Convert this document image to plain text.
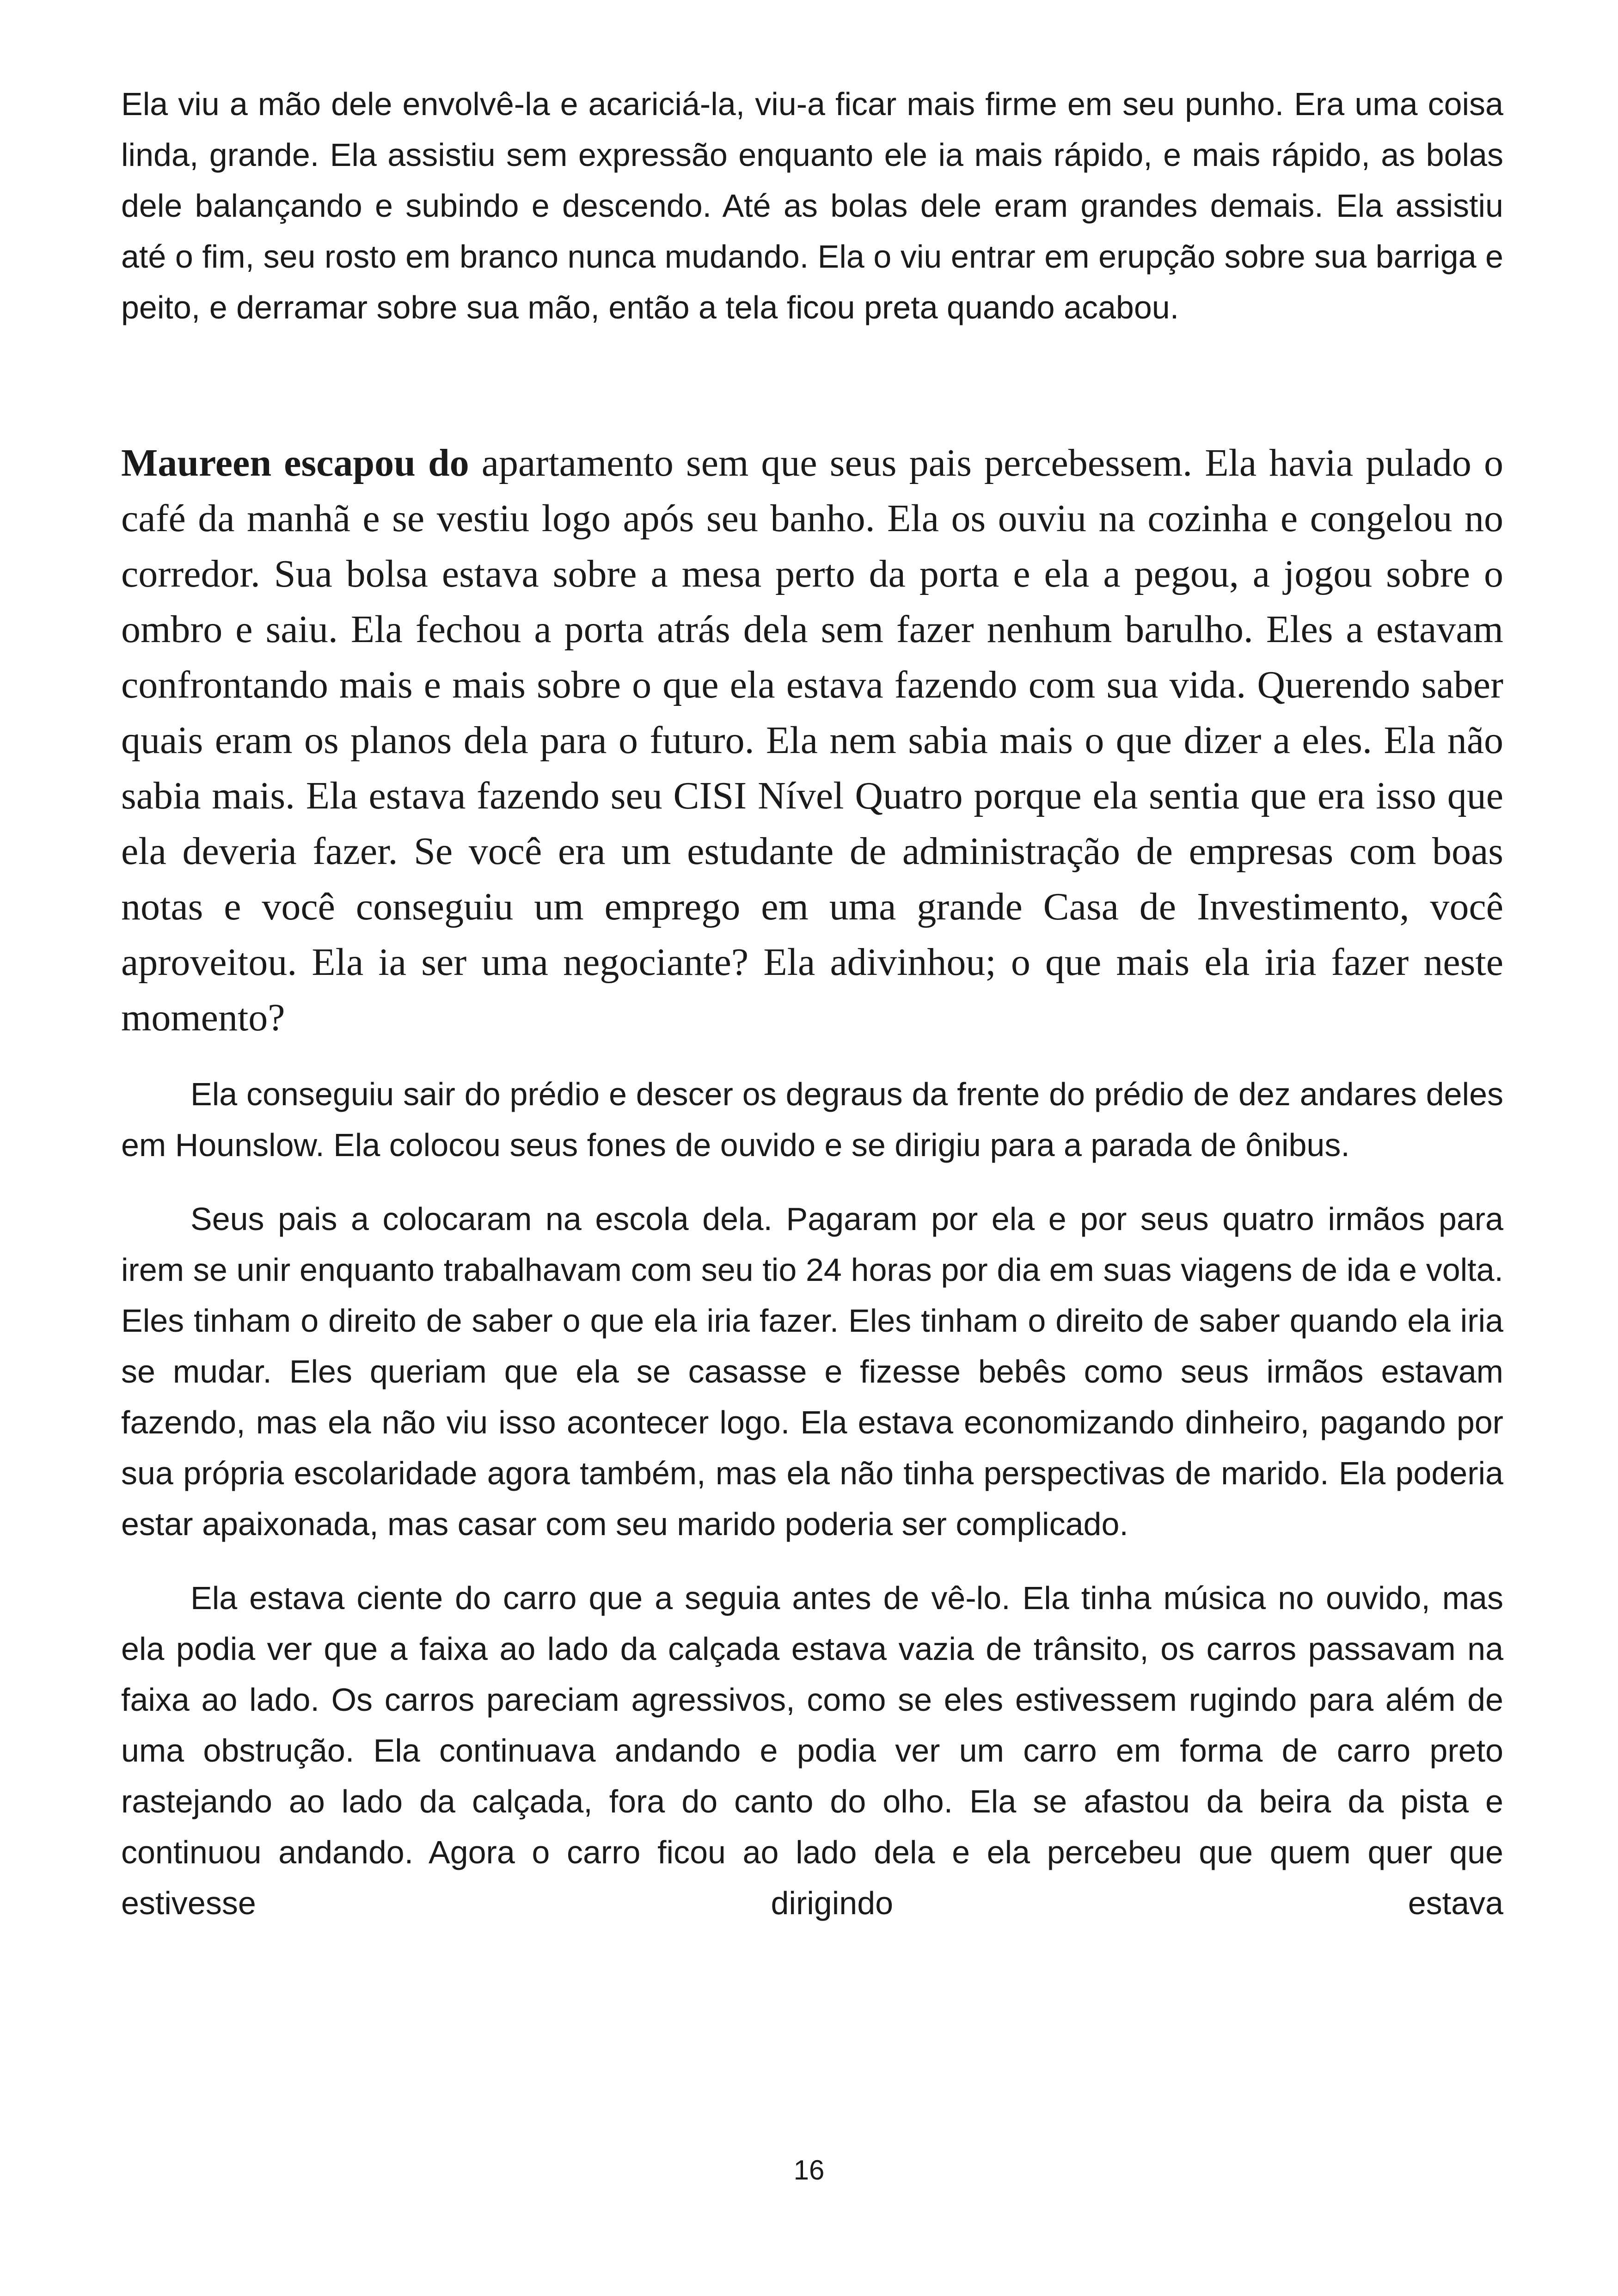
Ela viu a mão dele envolvê-la e acariciá-la, viu-a ficar mais firme em seu punho. Era uma coisa linda, grande. Ela assistiu sem expressão enquanto ele ia mais rápido, e mais rápido, as bolas dele balançando e subindo e descendo. Até as bolas dele eram grandes demais. Ela assistiu até o fim, seu rosto em branco nunca mudando. Ela o viu entrar em erupção sobre sua barriga e peito, e derramar sobre sua mão, então a tela ficou preta quando acabou.

Maureen escapou do apartamento sem que seus pais percebessem. Ela havia pulado o café da manhã e se vestiu logo após seu banho. Ela os ouviu na cozinha e congelou no corredor. Sua bolsa estava sobre a mesa perto da porta e ela a pegou, a jogou sobre o ombro e saiu. Ela fechou a porta atrás dela sem fazer nenhum barulho. Eles a estavam confrontando mais e mais sobre o que ela estava fazendo com sua vida. Querendo saber quais eram os planos dela para o futuro. Ela nem sabia mais o que dizer a eles. Ela não sabia mais. Ela estava fazendo seu CISI Nível Quatro porque ela sentia que era isso que ela deveria fazer. Se você era um estudante de administração de empresas com boas notas e você conseguiu um emprego em uma grande Casa de Investimento, você aproveitou. Ela ia ser uma negociante? Ela adivinhou; o que mais ela iria fazer neste momento?

Ela conseguiu sair do prédio e descer os degraus da frente do prédio de dez andares deles em Hounslow. Ela colocou seus fones de ouvido e se dirigiu para a parada de ônibus.

Seus pais a colocaram na escola dela. Pagaram por ela e por seus quatro irmãos para irem se unir enquanto trabalhavam com seu tio 24 horas por dia em suas viagens de ida e volta. Eles tinham o direito de saber o que ela iria fazer. Eles tinham o direito de saber quando ela iria se mudar. Eles queriam que ela se casasse e fizesse bebês como seus irmãos estavam fazendo, mas ela não viu isso acontecer logo. Ela estava economizando dinheiro, pagando por sua própria escolaridade agora também, mas ela não tinha perspectivas de marido. Ela poderia estar apaixonada, mas casar com seu marido poderia ser complicado.

Ela estava ciente do carro que a seguia antes de vê-lo. Ela tinha música no ouvido, mas ela podia ver que a faixa ao lado da calçada estava vazia de trânsito, os carros passavam na faixa ao lado. Os carros pareciam agressivos, como se eles estivessem rugindo para além de uma obstrução. Ela continuava andando e podia ver um carro em forma de carro preto rastejando ao lado da calçada, fora do canto do olho. Ela se afastou da beira da pista e continuou andando. Agora o carro ficou ao lado dela e ela percebeu que quem quer que estivesse dirigindo estava

16
